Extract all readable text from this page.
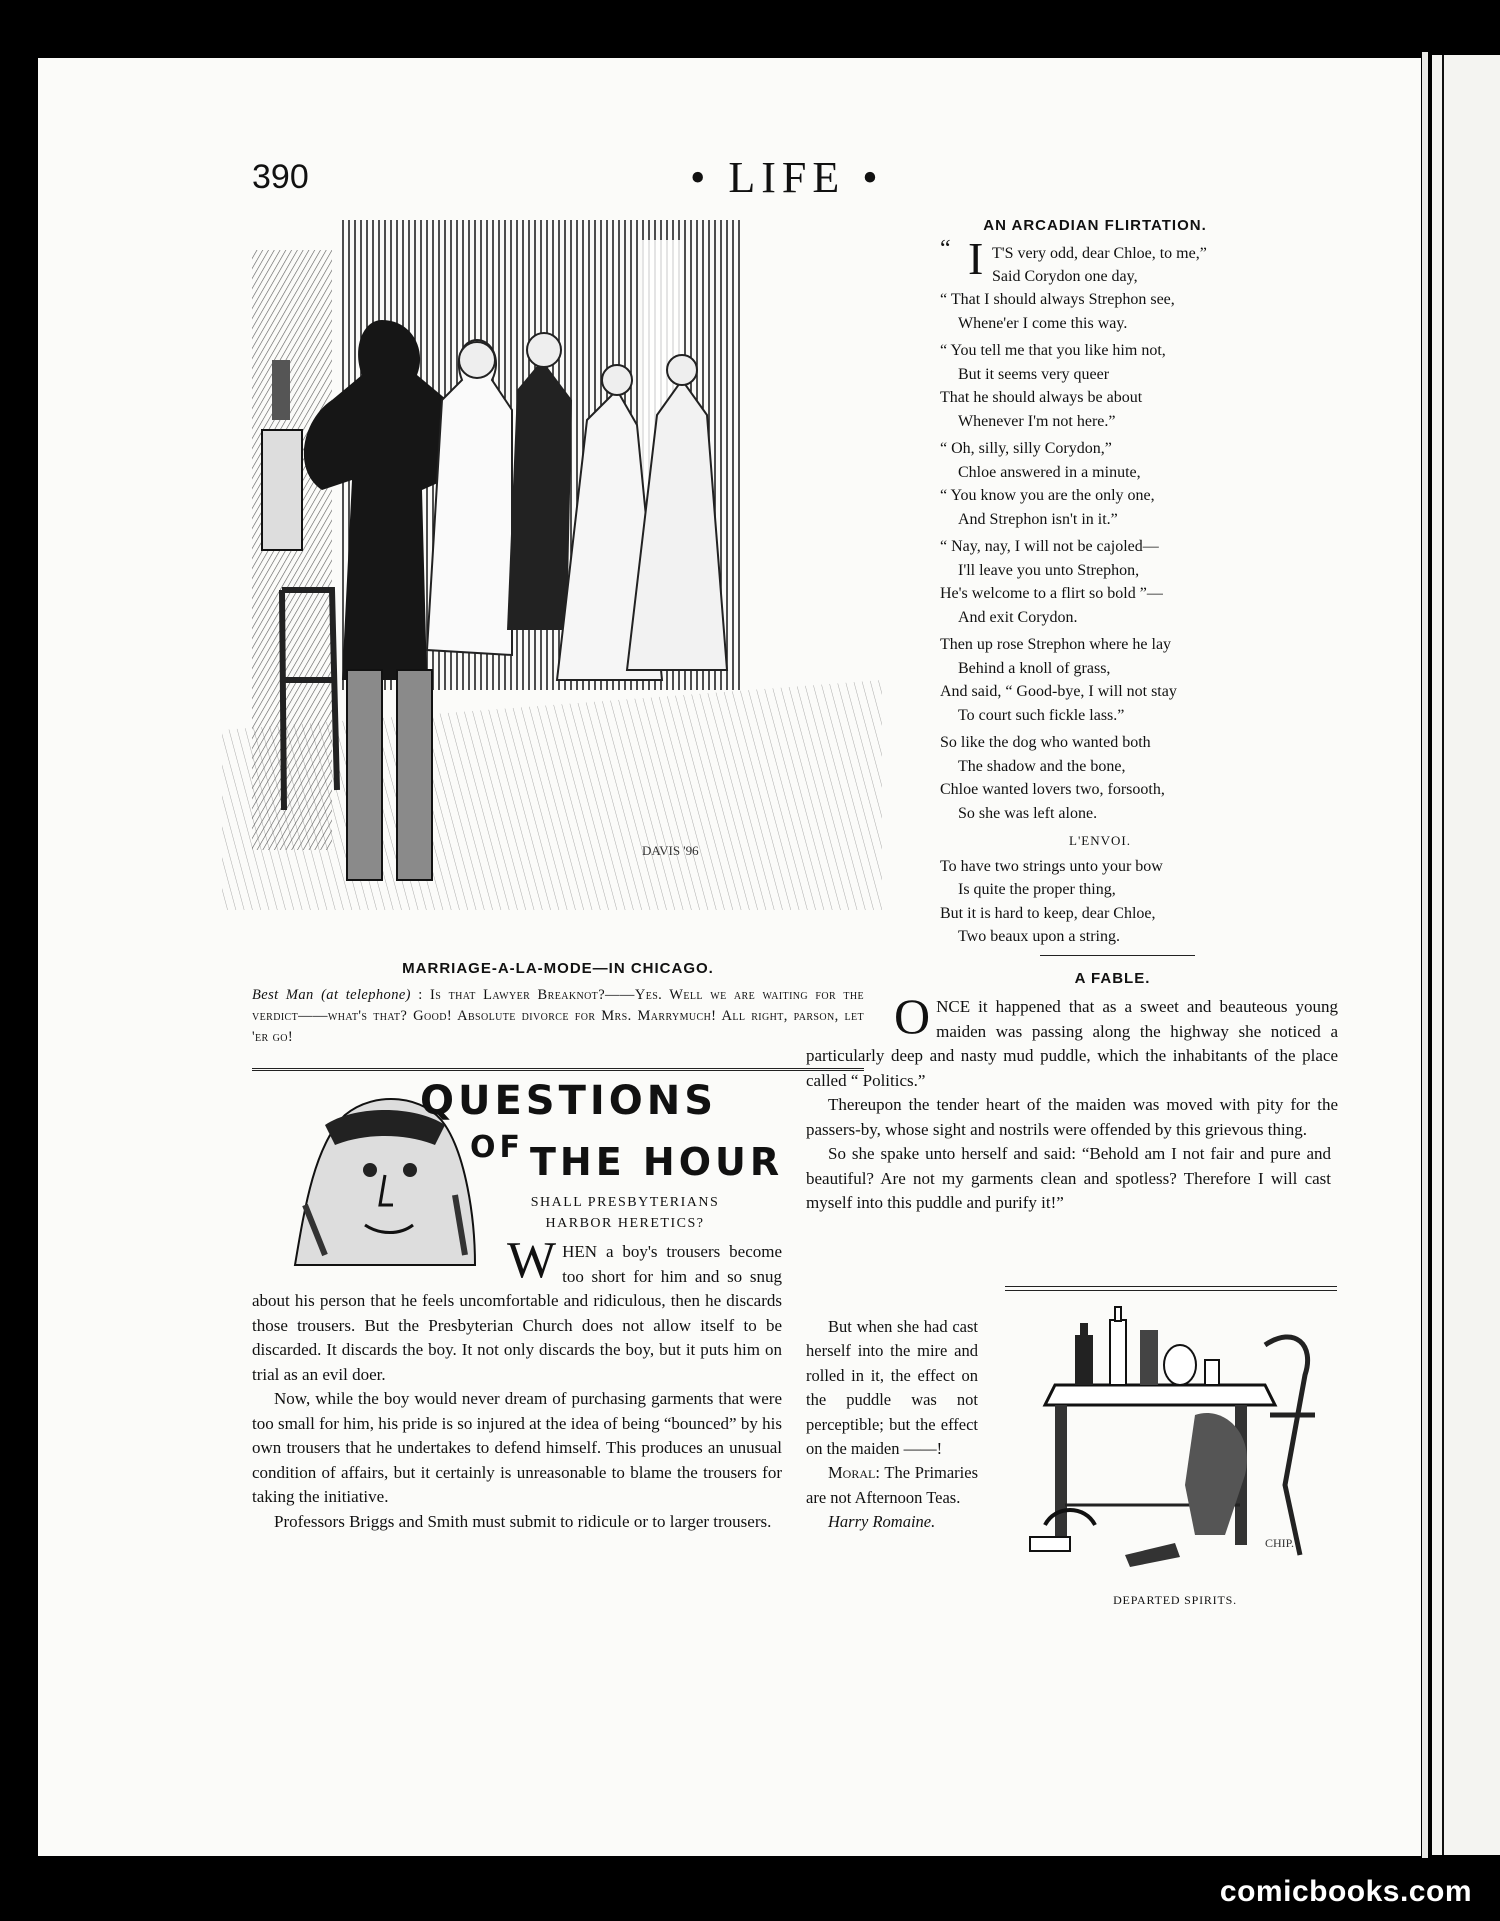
390	• LIFE •
DAVIS '96
MARRIAGE-A-LA-MODE—IN CHICAGO.
Best Man (at telephone) : Is that Lawyer Breaknot?——Yes. Well we are waiting for the verdict——what's that? Good! Absolute divorce for Mrs. Marrymuch! All right, parson, let 'er go!
AN ARCADIAN FLIRTATION.
“ I T'S very odd, dear Chloe, to me,”
Said Corydon one day,
“ That I should always Strephon see,
Whene'er I come this way.
“ You tell me that you like him not,
But it seems very queer
That he should always be about
Whenever I'm not here.”
“ Oh, silly, silly Corydon,”
Chloe answered in a minute,
“ You know you are the only one,
And Strephon isn't in it.”
“ Nay, nay, I will not be cajoled—
I'll leave you unto Strephon,
He's welcome to a flirt so bold ”—
And exit Corydon.
Then up rose Strephon where he lay
Behind a knoll of grass,
And said, “ Good-bye, I will not stay
To court such fickle lass.”
So like the dog who wanted both
The shadow and the bone,
Chloe wanted lovers two, forsooth,
So she was left alone.
L'ENVOI.
To have two strings unto your bow
Is quite the proper thing,
But it is hard to keep, dear Chloe,
Two beaux upon a string.
A FABLE.

ONCE it happened that as a sweet and beauteous young maiden was passing along the highway she noticed a particularly deep and nasty mud puddle, which the inhabitants of the place called “ Politics.”

Thereupon the tender heart of the maiden was moved with pity for the passers-by, whose sight and nostrils were offended by this grievous thing.

So she spake unto herself and said: “Behold am I not fair and pure and beautiful? Are not my garments clean and spotless? Therefore I will cast myself into this puddle and purify it!”

But when she had cast herself into the mire and rolled in it, the effect on the puddle was not perceptible; but the effect on the maiden ——!

Moral: The Primaries are not Afternoon Teas.

Harry Romaine.

CHIP.
DEPARTED SPIRITS.
QUESTIONS
OF THE HOUR
SHALL PRESBYTERIANS HARBOR HERETICS?

W HEN a boy's trousers become too short for him and so snug about his person that he feels uncomfortable and ridiculous, then he discards those trousers. But the Presbyterian Church does not allow itself to be discarded. It discards the boy. It not only discards the boy, but it puts him on trial as an evil doer.

Now, while the boy would never dream of purchasing garments that were too small for him, his pride is so injured at the idea of being “bounced” by his own trousers that he undertakes to defend himself. This produces an unusual condition of affairs, but it certainly is unreasonable to blame the trousers for taking the initiative.

Professors Briggs and Smith must submit to ridicule or to larger trousers.

comicbooks.com
